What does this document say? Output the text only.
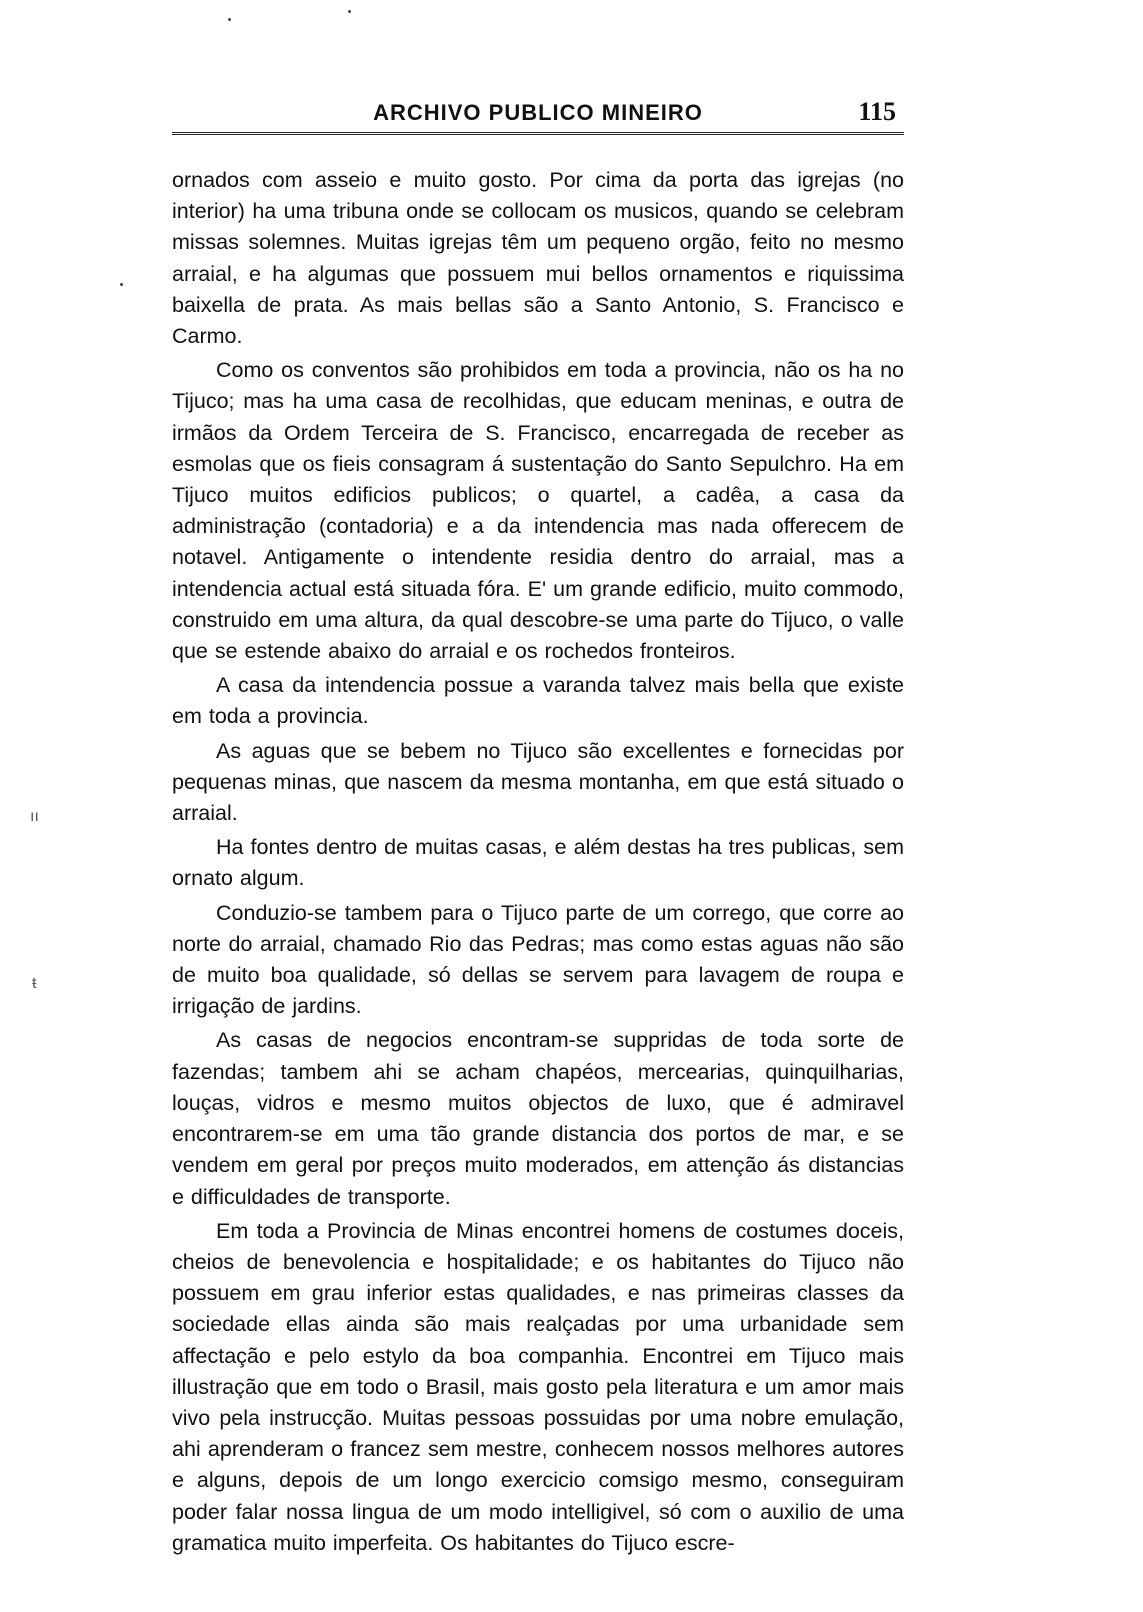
ARCHIVO PUBLICO MINEIRO	115

ornados com asseio e muito gosto. Por cima da porta das igrejas (no interior) ha uma tribuna onde se collocam os musicos, quando se celebram missas solemnes. Muitas igrejas têm um pequeno orgão, feito no mesmo arraial, e ha algumas que possuem mui bellos ornamentos e riquissima baixella de prata. As mais bellas são a Santo Antonio, S. Francisco e Carmo.

Como os conventos são prohibidos em toda a provincia, não os ha no Tijuco; mas ha uma casa de recolhidas, que educam meninas, e outra de irmãos da Ordem Terceira de S. Francisco, encarregada de receber as esmolas que os fieis consagram á sustentação do Santo Sepulchro. Ha em Tijuco muitos edificios publicos; o quartel, a cadêa, a casa da administração (contadoria) e a da intendencia mas nada offerecem de notavel. Antigamente o intendente residia dentro do arraial, mas a intendencia actual está situada fóra. E' um grande edificio, muito commodo, construido em uma altura, da qual descobre-se uma parte do Tijuco, o valle que se estende abaixo do arraial e os rochedos fronteiros.

A casa da intendencia possue a varanda talvez mais bella que existe em toda a provincia.

As aguas que se bebem no Tijuco são excellentes e fornecidas por pequenas minas, que nascem da mesma montanha, em que está situado o arraial.

Ha fontes dentro de muitas casas, e além destas ha tres publicas, sem ornato algum.

Conduzio-se tambem para o Tijuco parte de um corrego, que corre ao norte do arraial, chamado Rio das Pedras; mas como estas aguas não são de muito boa qualidade, só dellas se servem para lavagem de roupa e irrigação de jardins.

As casas de negocios encontram-se suppridas de toda sorte de fazendas; tambem ahi se acham chapéos, mercearias, quinquilharias, louças, vidros e mesmo muitos objectos de luxo, que é admiravel encontrarem-se em uma tão grande distancia dos portos de mar, e se vendem em geral por preços muito moderados, em attenção ás distancias e difficuldades de transporte.

Em toda a Provincia de Minas encontrei homens de costumes doceis, cheios de benevolencia e hospitalidade; e os habitantes do Tijuco não possuem em grau inferior estas qualidades, e nas primeiras classes da sociedade ellas ainda são mais realçadas por uma urbanidade sem affectação e pelo estylo da boa companhia. Encontrei em Tijuco mais illustração que em todo o Brasil, mais gosto pela literatura e um amor mais vivo pela instrucção. Muitas pessoas possuidas por uma nobre emulação, ahi aprenderam o francez sem mestre, conhecem nossos melhores autores e alguns, depois de um longo exercicio comsigo mesmo, conseguiram poder falar nossa lingua de um modo intelligivel, só com o auxilio de uma gramatica muito imperfeita. Os habitantes do Tijuco escre-

ıı
ŧ
